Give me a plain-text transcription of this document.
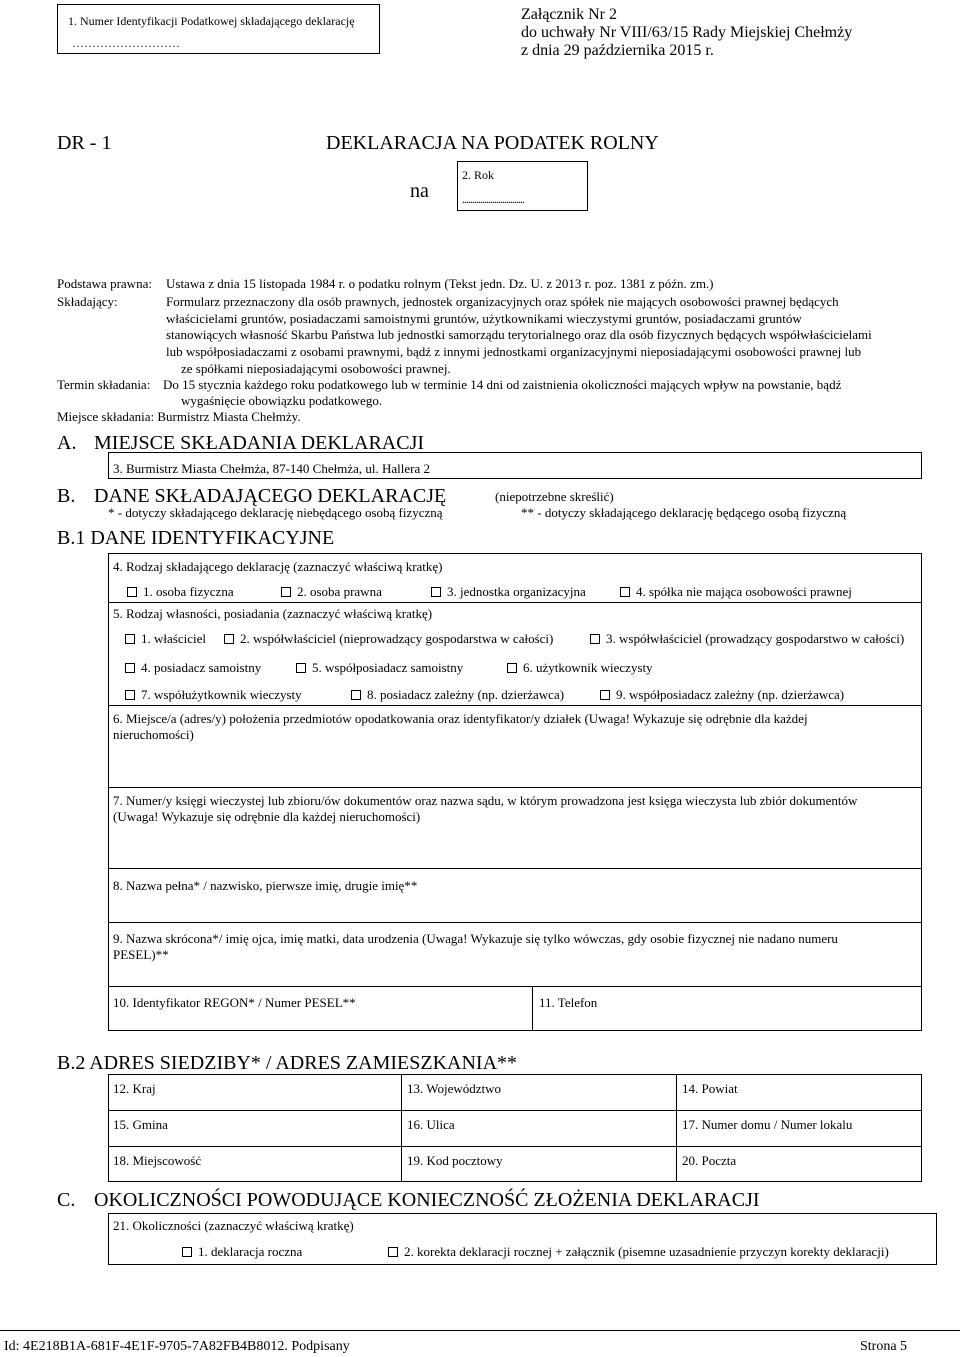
1. Numer Identyfikacji Podatkowej składającego deklarację
………………………
Załącznik Nr 2
do uchwały Nr VIII/63/15 Rady Miejskiej Chełmży
z dnia 29 października 2015 r.
DR - 1	DEKLARACJA NA PODATEK ROLNY
na
2. Rok
...............................
Podstawa prawna: Ustawa z dnia 15 listopada 1984 r. o podatku rolnym (Tekst jedn. Dz. U. z 2013 r. poz. 1381 z późn. zm.)
Składający:	Formularz przeznaczony dla osób prawnych, jednostek organizacyjnych oraz spółek nie mających osobowości prawnej będących
właścicielami gruntów, posiadaczami samoistnymi gruntów, użytkownikami wieczystymi gruntów, posiadaczami gruntów
stanowiących własność Skarbu Państwa lub jednostki samorządu terytorialnego oraz dla osób fizycznych będących współwłaścicielami
lub współposiadaczami z osobami prawnymi, bądź z innymi jednostkami organizacyjnymi nieposiadającymi osobowości prawnej lub
ze spółkami nieposiadającymi osobowości prawnej.
Termin składania: Do 15 stycznia każdego roku podatkowego lub w terminie 14 dni od zaistnienia okoliczności mających wpływ na powstanie, bądź
wygaśnięcie obowiązku podatkowego.
Miejsce składania: Burmistrz Miasta Chełmży.
A. MIEJSCE SKŁADANIA DEKLARACJI
3. Burmistrz Miasta Chełmża, 87-140 Chełmża, ul. Hallera 2
B. DANE SKŁADAJĄCEGO DEKLARACJĘ	(niepotrzebne skreślić)
* - dotyczy składającego deklarację niebędącego osobą fizyczną	** - dotyczy składającego deklarację będącego osobą fizyczną
B.1 DANE IDENTYFIKACYJNE
4. Rodzaj składającego deklarację (zaznaczyć właściwą kratkę)
1. osoba fizyczna	2. osoba prawna	3. jednostka organizacyjna	4. spółka nie mająca osobowości prawnej
5. Rodzaj własności, posiadania (zaznaczyć właściwą kratkę)
1. właściciel	2. współwłaściciel (nieprowadzący gospodarstwa w całości)	3. współwłaściciel (prowadzący gospodarstwo w całości)
4. posiadacz samoistny	5. współposiadacz samoistny	6. użytkownik wieczysty
7. współużytkownik wieczysty	8. posiadacz zależny (np. dzierżawca)	9. współposiadacz zależny (np. dzierżawca)
6. Miejsce/a (adres/y) położenia przedmiotów opodatkowania oraz identyfikator/y działek (Uwaga! Wykazuje się odrębnie dla każdej
nieruchomości)
7. Numer/y księgi wieczystej lub zbioru/ów dokumentów oraz nazwa sądu, w którym prowadzona jest księga wieczysta lub zbiór dokumentów
(Uwaga! Wykazuje się odrębnie dla każdej nieruchomości)
8. Nazwa pełna* / nazwisko, pierwsze imię, drugie imię**
9. Nazwa skrócona*/ imię ojca, imię matki, data urodzenia (Uwaga! Wykazuje się tylko wówczas, gdy osobie fizycznej nie nadano numeru
PESEL)**
10. Identyfikator REGON* / Numer PESEL**	11. Telefon
B.2 ADRES SIEDZIBY* / ADRES ZAMIESZKANIA**
12. Kraj	13. Województwo	14. Powiat
15. Gmina	16. Ulica	17. Numer domu / Numer lokalu
18. Miejscowość	19. Kod pocztowy	20. Poczta
C. OKOLICZNOŚCI POWODUJĄCE KONIECZNOŚĆ ZŁOŻENIA DEKLARACJI
21. Okoliczności (zaznaczyć właściwą kratkę)
1. deklaracja roczna	2. korekta deklaracji rocznej + załącznik (pisemne uzasadnienie przyczyn korekty deklaracji)
Id: 4E218B1A-681F-4E1F-9705-7A82FB4B8012. Podpisany	Strona 5
